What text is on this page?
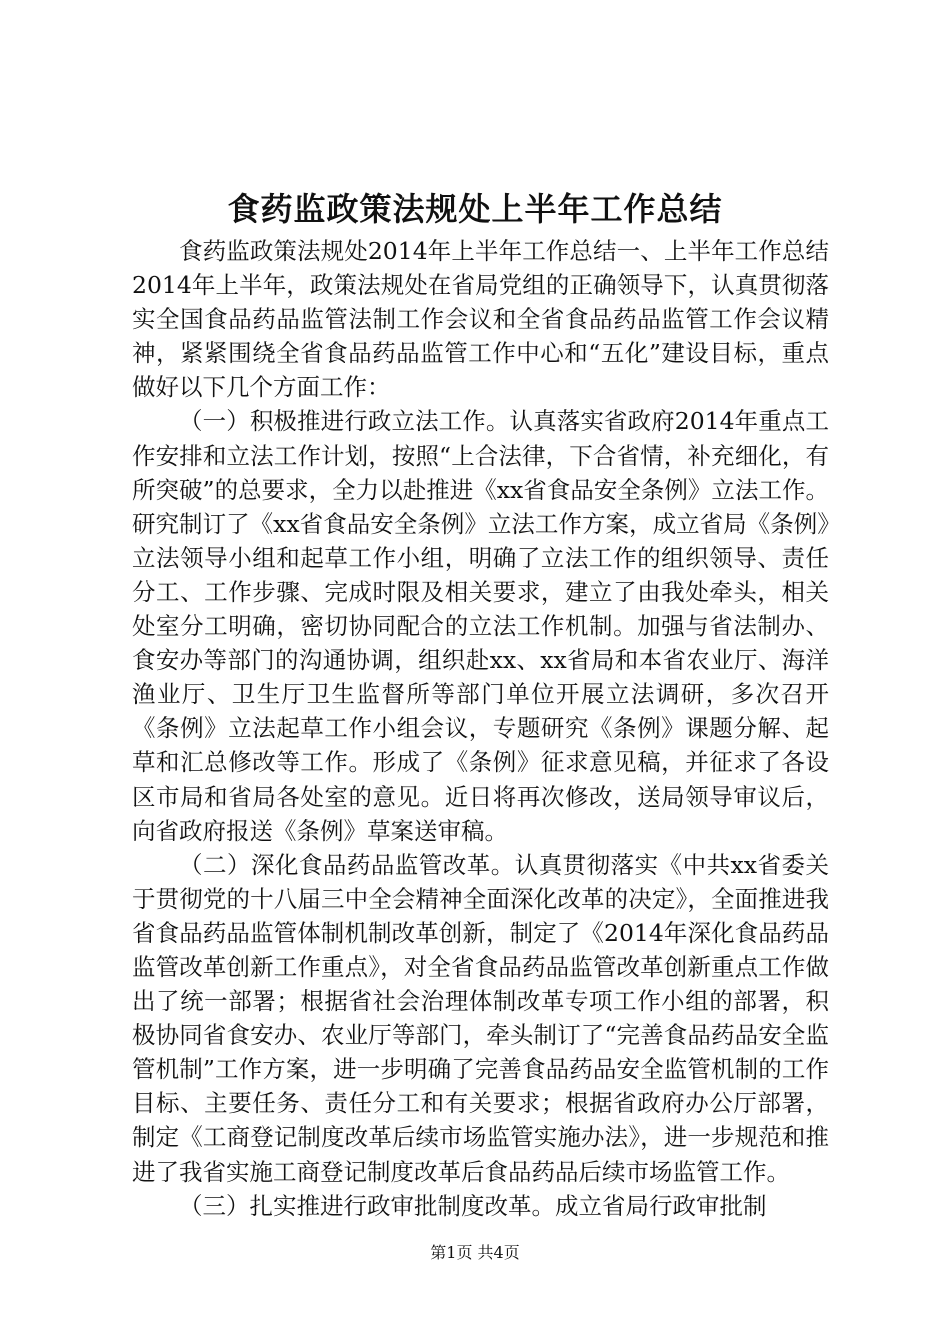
食药监政策法规处上半年工作总结

食药监政策法规处2014年上半年工作总结一、上半年工作总结2014年上半年，政策法规处在省局党组的正确领导下，认真贯彻落实全国食品药品监管法制工作会议和全省食品药品监管工作会议精神，紧紧围绕全省食品药品监管工作中心和“五化”建设目标，重点做好以下几个方面工作：

（一）积极推进行政立法工作。认真落实省政府2014年重点工作安排和立法工作计划，按照“上合法律，下合省情，补充细化，有所突破”的总要求，全力以赴推进《xx省食品安全条例》立法工作。研究制订了《xx省食品安全条例》立法工作方案，成立省局《条例》立法领导小组和起草工作小组，明确了立法工作的组织领导、责任分工、工作步骤、完成时限及相关要求，建立了由我处牵头，相关处室分工明确，密切协同配合的立法工作机制。加强与省法制办、食安办等部门的沟通协调，组织赴xx、xx省局和本省农业厅、海洋渔业厅、卫生厅卫生监督所等部门单位开展立法调研，多次召开《条例》立法起草工作小组会议，专题研究《条例》课题分解、起草和汇总修改等工作。形成了《条例》征求意见稿，并征求了各设区市局和省局各处室的意见。近日将再次修改，送局领导审议后，向省政府报送《条例》草案送审稿。

（二）深化食品药品监管改革。认真贯彻落实《中共xx省委关于贯彻党的十八届三中全会精神全面深化改革的决定》，全面推进我省食品药品监管体制机制改革创新，制定了《2014年深化食品药品监管改革创新工作重点》，对全省食品药品监管改革创新重点工作做出了统一部署；根据省社会治理体制改革专项工作小组的部署，积极协同省食安办、农业厅等部门，牵头制订了“完善食品药品安全监管机制”工作方案，进一步明确了完善食品药品安全监管机制的工作目标、主要任务、责任分工和有关要求；根据省政府办公厅部署，制定《工商登记制度改革后续市场监管实施办法》，进一步规范和推进了我省实施工商登记制度改革后食品药品后续市场监管工作。

（三）扎实推进行政审批制度改革。成立省局行政审批制

第1页 共4页
